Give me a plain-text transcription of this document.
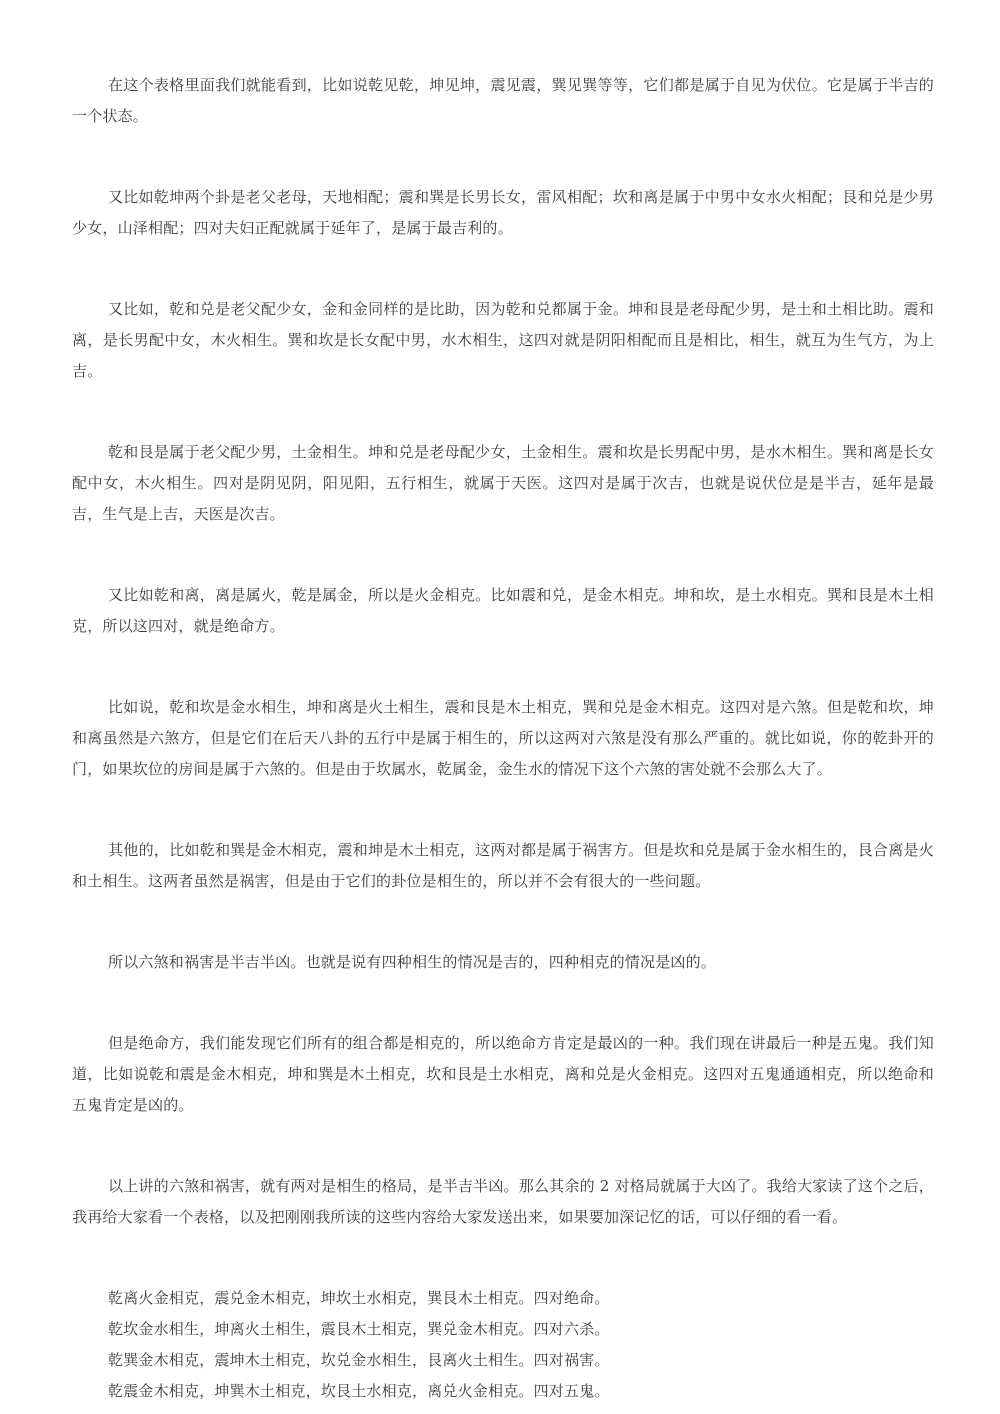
在这个表格里面我们就能看到，比如说乾见乾，坤见坤，震见震，巽见巽等等，它们都是属于自见为伏位。它是属于半吉的一个状态。

又比如乾坤两个卦是老父老母，天地相配；震和巽是长男长女，雷风相配；坎和离是属于中男中女水火相配；艮和兑是少男少女，山泽相配；四对夫妇正配就属于延年了，是属于最吉利的。

又比如，乾和兑是老父配少女，金和金同样的是比助，因为乾和兑都属于金。坤和艮是老母配少男，是土和土相比助。震和离，是长男配中女，木火相生。巽和坎是长女配中男，水木相生，这四对就是阴阳相配而且是相比，相生，就互为生气方，为上吉。

乾和艮是属于老父配少男，土金相生。坤和兑是老母配少女，土金相生。震和坎是长男配中男，是水木相生。巽和离是长女配中女，木火相生。四对是阴见阴，阳见阳，五行相生，就属于天医。这四对是属于次吉，也就是说伏位是是半吉，延年是最吉，生气是上吉，天医是次吉。

又比如乾和离，离是属火，乾是属金，所以是火金相克。比如震和兑，是金木相克。坤和坎，是土水相克。巽和艮是木土相克，所以这四对，就是绝命方。

比如说，乾和坎是金水相生，坤和离是火土相生，震和艮是木土相克，巽和兑是金木相克。这四对是六煞。但是乾和坎，坤和离虽然是六煞方，但是它们在后天八卦的五行中是属于相生的，所以这两对六煞是没有那么严重的。就比如说，你的乾卦开的门，如果坎位的房间是属于六煞的。但是由于坎属水，乾属金，金生水的情况下这个六煞的害处就不会那么大了。

其他的，比如乾和巽是金木相克，震和坤是木土相克，这两对都是属于祸害方。但是坎和兑是属于金水相生的，艮合离是火和土相生。这两者虽然是祸害，但是由于它们的卦位是相生的，所以并不会有很大的一些问题。

所以六煞和祸害是半吉半凶。也就是说有四种相生的情况是吉的，四种相克的情况是凶的。

但是绝命方，我们能发现它们所有的组合都是相克的，所以绝命方肯定是最凶的一种。我们现在讲最后一种是五鬼。我们知道，比如说乾和震是金木相克，坤和巽是木土相克，坎和艮是土水相克，离和兑是火金相克。这四对五鬼通通相克，所以绝命和五鬼肯定是凶的。

以上讲的六煞和祸害，就有两对是相生的格局，是半吉半凶。那么其余的 2 对格局就属于大凶了。我给大家读了这个之后，我再给大家看一个表格，以及把刚刚我所读的这些内容给大家发送出来，如果要加深记忆的话，可以仔细的看一看。

乾离火金相克，震兑金木相克，坤坎土水相克，巽艮木土相克。四对绝命。
乾坎金水相生，坤离火土相生，震艮木土相克，巽兑金木相克。四对六杀。
乾巽金木相克，震坤木土相克，坎兑金水相生，艮离火土相生。四对祸害。
乾震金木相克，坤巽木土相克，坎艮土水相克，离兑火金相克。四对五鬼。
